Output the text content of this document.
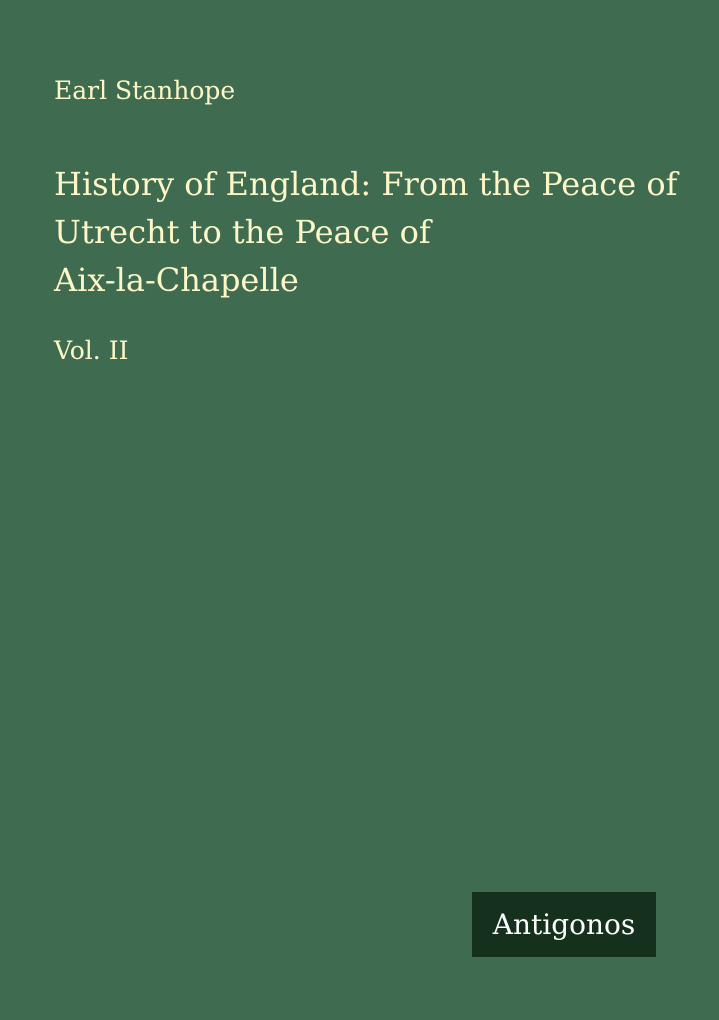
Earl Stanhope
History of England: From the Peace of
Utrecht to the Peace of
Aix-la-Chapelle
Vol. II
Antigonos
